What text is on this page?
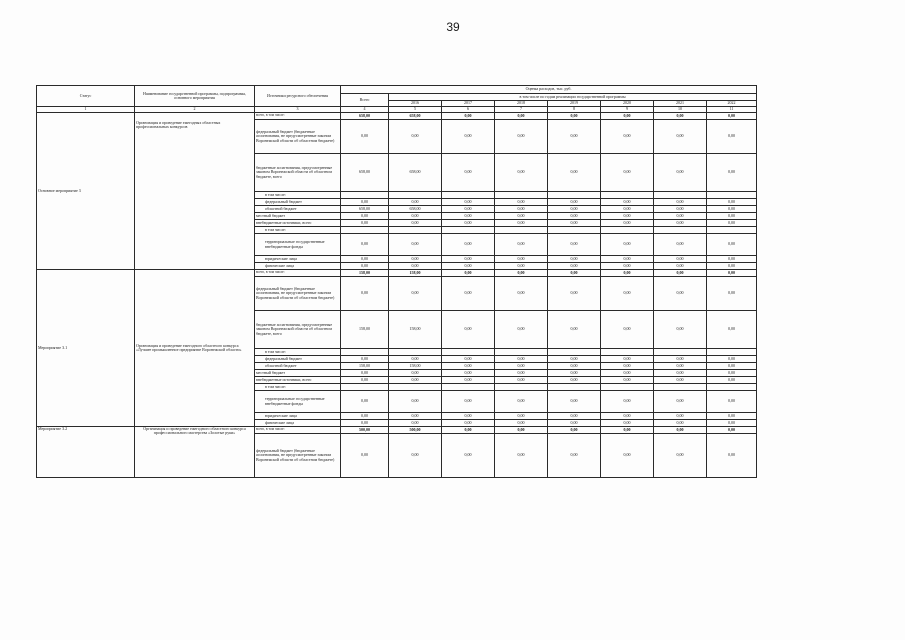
39
Статус	Наименование государственной программы, подпрограммы, основного мероприятия	Источники ресурсного обеспечения	Оценка расходов, тыс. руб.							
			Всего	в том числе по годам реализации государственной программы						
				2016	2017	2018	2019	2020	2021	2022
1	2	3	4	5	6	7	8	9	10	11
Основное мероприятие 3	Организация и проведение ежегодных областных профессиональных конкурсов	всего, в том числе:	658,00	658,00	0,00	0,00	0,00	0,00	0,00	0,00
		федеральный бюджет (бюджетные ассигнования, не предусмотренные законом Воронежской области об областном бюджете)	0,00	0,00	0,00	0,00	0,00	0,00	0,00	0,00
		бюджетные ассигнования, предусмотренные законом Воронежской области об областном бюджете, всего	658,00	658,00	0,00	0,00	0,00	0,00	0,00	0,00
		в том числе:								
		федеральный бюджет	0,00	0,00	0,00	0,00	0,00	0,00	0,00	0,00
		областной бюджет	658,00	658,00	0,00	0,00	0,00	0,00	0,00	0,00
		местный бюджет	0,00	0,00	0,00	0,00	0,00	0,00	0,00	0,00
		внебюджетные источники, всего	0,00	0,00	0,00	0,00	0,00	0,00	0,00	0,00
		в том числе:								
		территориальные государственные внебюджетные фонды	0,00	0,00	0,00	0,00	0,00	0,00	0,00	0,00
		юридические лица	0,00	0,00	0,00	0,00	0,00	0,00	0,00	0,00
		физические лица	0,00	0,00	0,00	0,00	0,00	0,00	0,00	0,00
Мероприятие 3.1	Организация и проведение ежегодного областного конкурса «Лучшее промышленное предприятие Воронежской области»	всего, в том числе:	158,00	158,00	0,00	0,00	0,00	0,00	0,00	0,00
		федеральный бюджет (бюджетные ассигнования, не предусмотренные законом Воронежской области об областном бюджете)	0,00	0,00	0,00	0,00	0,00	0,00	0,00	0,00
		бюджетные ассигнования, предусмотренные законом Воронежской области об областном бюджете, всего	158,00	158,00	0,00	0,00	0,00	0,00	0,00	0,00
		в том числе:								
		федеральный бюджет	0,00	0,00	0,00	0,00	0,00	0,00	0,00	0,00
		областной бюджет	158,00	158,00	0,00	0,00	0,00	0,00	0,00	0,00
		местный бюджет	0,00	0,00	0,00	0,00	0,00	0,00	0,00	0,00
		внебюджетные источники, всего	0,00	0,00	0,00	0,00	0,00	0,00	0,00	0,00
		в том числе:								
		территориальные государственные внебюджетные фонды	0,00	0,00	0,00	0,00	0,00	0,00	0,00	0,00
		юридические лица	0,00	0,00	0,00	0,00	0,00	0,00	0,00	0,00
		физические лица	0,00	0,00	0,00	0,00	0,00	0,00	0,00	0,00
Мероприятие 3.2	Организация и проведение ежегодного областного конкурса профессионального мастерства «Золотые руки»	всего, в том числе:	500,00	500,00	0,00	0,00	0,00	0,00	0,00	0,00
		федеральный бюджет (бюджетные ассигнования, не предусмотренные законом Воронежской области об областном бюджете)	0,00	0,00	0,00	0,00	0,00	0,00	0,00	0,00
